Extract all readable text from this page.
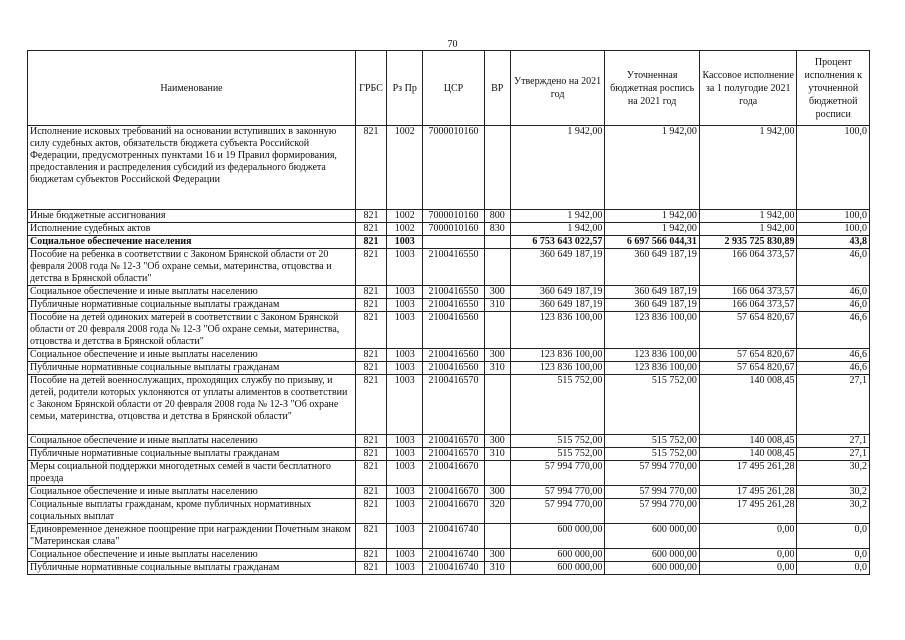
70
Наименование	ГРБС	Рз Пр	ЦСР	ВР	Утверждено на 2021 год	Уточненная бюджетная роспись на 2021 год	Кассовое исполнение за 1 полугодие 2021 года	Процент исполнения к уточненной бюджетной росписи
Исполнение исковых требований на основании вступивших в законную силу судебных актов, обязательств бюджета субъекта Российской Федерации, предусмотренных пунктами 16 и 19 Правил формирования, предоставления и распределения субсидий из федерального бюджета бюджетам субъектов Российской Федерации	821	1002	7000010160		1 942,00	1 942,00	1 942,00	100,0
Иные бюджетные ассигнования	821	1002	7000010160	800	1 942,00	1 942,00	1 942,00	100,0
Исполнение судебных актов	821	1002	7000010160	830	1 942,00	1 942,00	1 942,00	100,0
Социальное обеспечение населения	821	1003			6 753 643 022,57	6 697 566 044,31	2 935 725 830,89	43,8
Пособие на ребенка в соответствии с Законом Брянской области от 20 февраля 2008 года № 12-З "Об охране семьи, материнства, отцовства и детства в Брянской области"	821	1003	2100416550		360 649 187,19	360 649 187,19	166 064 373,57	46,0
Социальное обеспечение и иные выплаты населению	821	1003	2100416550	300	360 649 187,19	360 649 187,19	166 064 373,57	46,0
Публичные нормативные социальные выплаты гражданам	821	1003	2100416550	310	360 649 187,19	360 649 187,19	166 064 373,57	46,0
Пособие на детей одиноких матерей в соответствии с Законом Брянской области от 20 февраля 2008 года № 12-З "Об охране семьи, материнства, отцовства и детства в Брянской области"	821	1003	2100416560		123 836 100,00	123 836 100,00	57 654 820,67	46,6
Социальное обеспечение и иные выплаты населению	821	1003	2100416560	300	123 836 100,00	123 836 100,00	57 654 820,67	46,6
Публичные нормативные социальные выплаты гражданам	821	1003	2100416560	310	123 836 100,00	123 836 100,00	57 654 820,67	46,6
Пособие на детей военнослужащих, проходящих службу по призыву, и детей, родители которых уклоняются от уплаты алиментов в соответствии с Законом Брянской области от 20 февраля 2008 года № 12-З "Об охране семьи, материнства, отцовства и детства в Брянской области"	821	1003	2100416570		515 752,00	515 752,00	140 008,45	27,1
Социальное обеспечение и иные выплаты населению	821	1003	2100416570	300	515 752,00	515 752,00	140 008,45	27,1
Публичные нормативные социальные выплаты гражданам	821	1003	2100416570	310	515 752,00	515 752,00	140 008,45	27,1
Меры социальной поддержки многодетных семей в части бесплатного проезда	821	1003	2100416670		57 994 770,00	57 994 770,00	17 495 261,28	30,2
Социальное обеспечение и иные выплаты населению	821	1003	2100416670	300	57 994 770,00	57 994 770,00	17 495 261,28	30,2
Социальные выплаты гражданам, кроме публичных нормативных социальных выплат	821	1003	2100416670	320	57 994 770,00	57 994 770,00	17 495 261,28	30,2
Единовременное денежное поощрение при награждении Почетным знаком "Материнская слава"	821	1003	2100416740		600 000,00	600 000,00	0,00	0,0
Социальное обеспечение и иные выплаты населению	821	1003	2100416740	300	600 000,00	600 000,00	0,00	0,0
Публичные нормативные социальные выплаты гражданам	821	1003	2100416740	310	600 000,00	600 000,00	0,00	0,0
